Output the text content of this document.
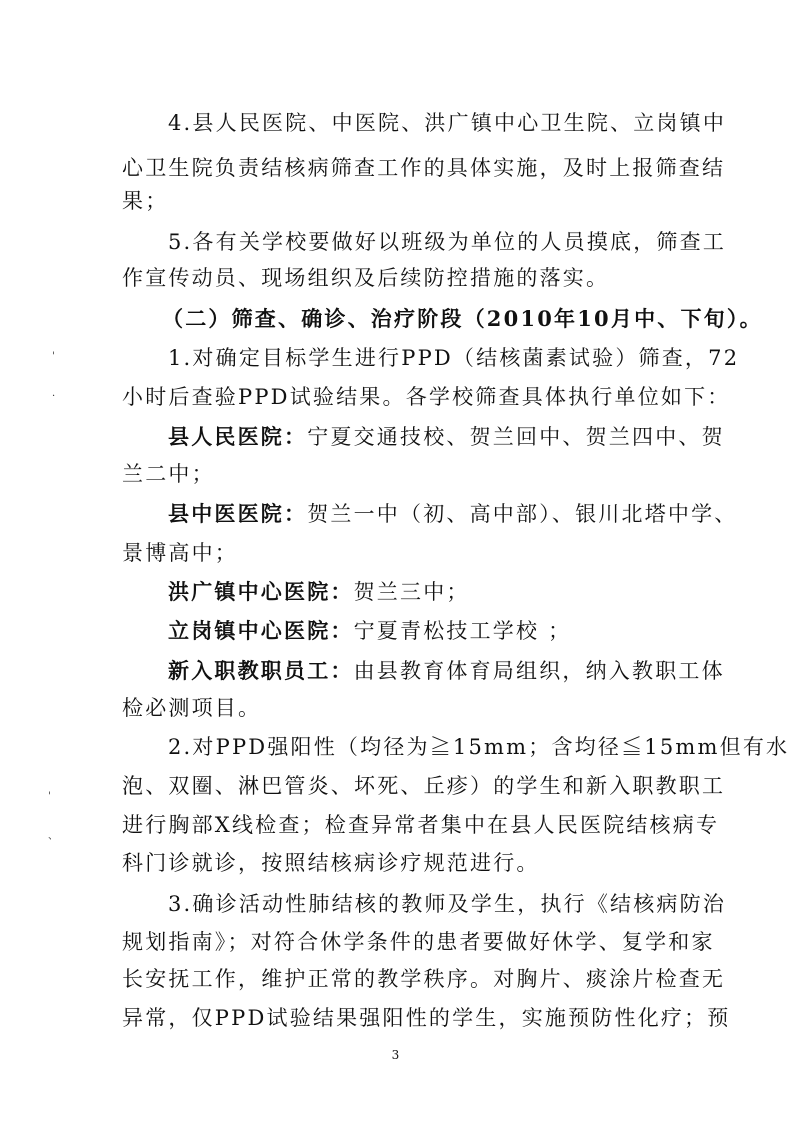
4.县人民医院、中医院、洪广镇中心卫生院、立岗镇中
心卫生院负责结核病筛查工作的具体实施，及时上报筛查结
果；
5.各有关学校要做好以班级为单位的人员摸底，筛查工
作宣传动员、现场组织及后续防控措施的落实。
（二）筛查、确诊、治疗阶段（2010年10月中、下旬）。
1.对确定目标学生进行PPD（结核菌素试验）筛查，72
小时后查验PPD试验结果。各学校筛查具体执行单位如下：
县人民医院：宁夏交通技校、贺兰回中、贺兰四中、贺
兰二中；
县中医医院：贺兰一中（初、高中部）、银川北塔中学、
景博高中；
洪广镇中心医院：贺兰三中；
立岗镇中心医院：宁夏青松技工学校 ；
新入职教职员工：由县教育体育局组织，纳入教职工体
检必测项目。
2.对PPD强阳性（均径为≧15mm；含均径≦15mm但有水
泡、双圈、淋巴管炎、坏死、丘疹）的学生和新入职教职工
进行胸部X线检查；检查异常者集中在县人民医院结核病专
科门诊就诊，按照结核病诊疗规范进行。
3.确诊活动性肺结核的教师及学生，执行《结核病防治
规划指南》；对符合休学条件的患者要做好休学、复学和家
长安抚工作，维护正常的教学秩序。对胸片、痰涂片检查无
异常，仅PPD试验结果强阳性的学生，实施预防性化疗；预
'
·
'
、
3
